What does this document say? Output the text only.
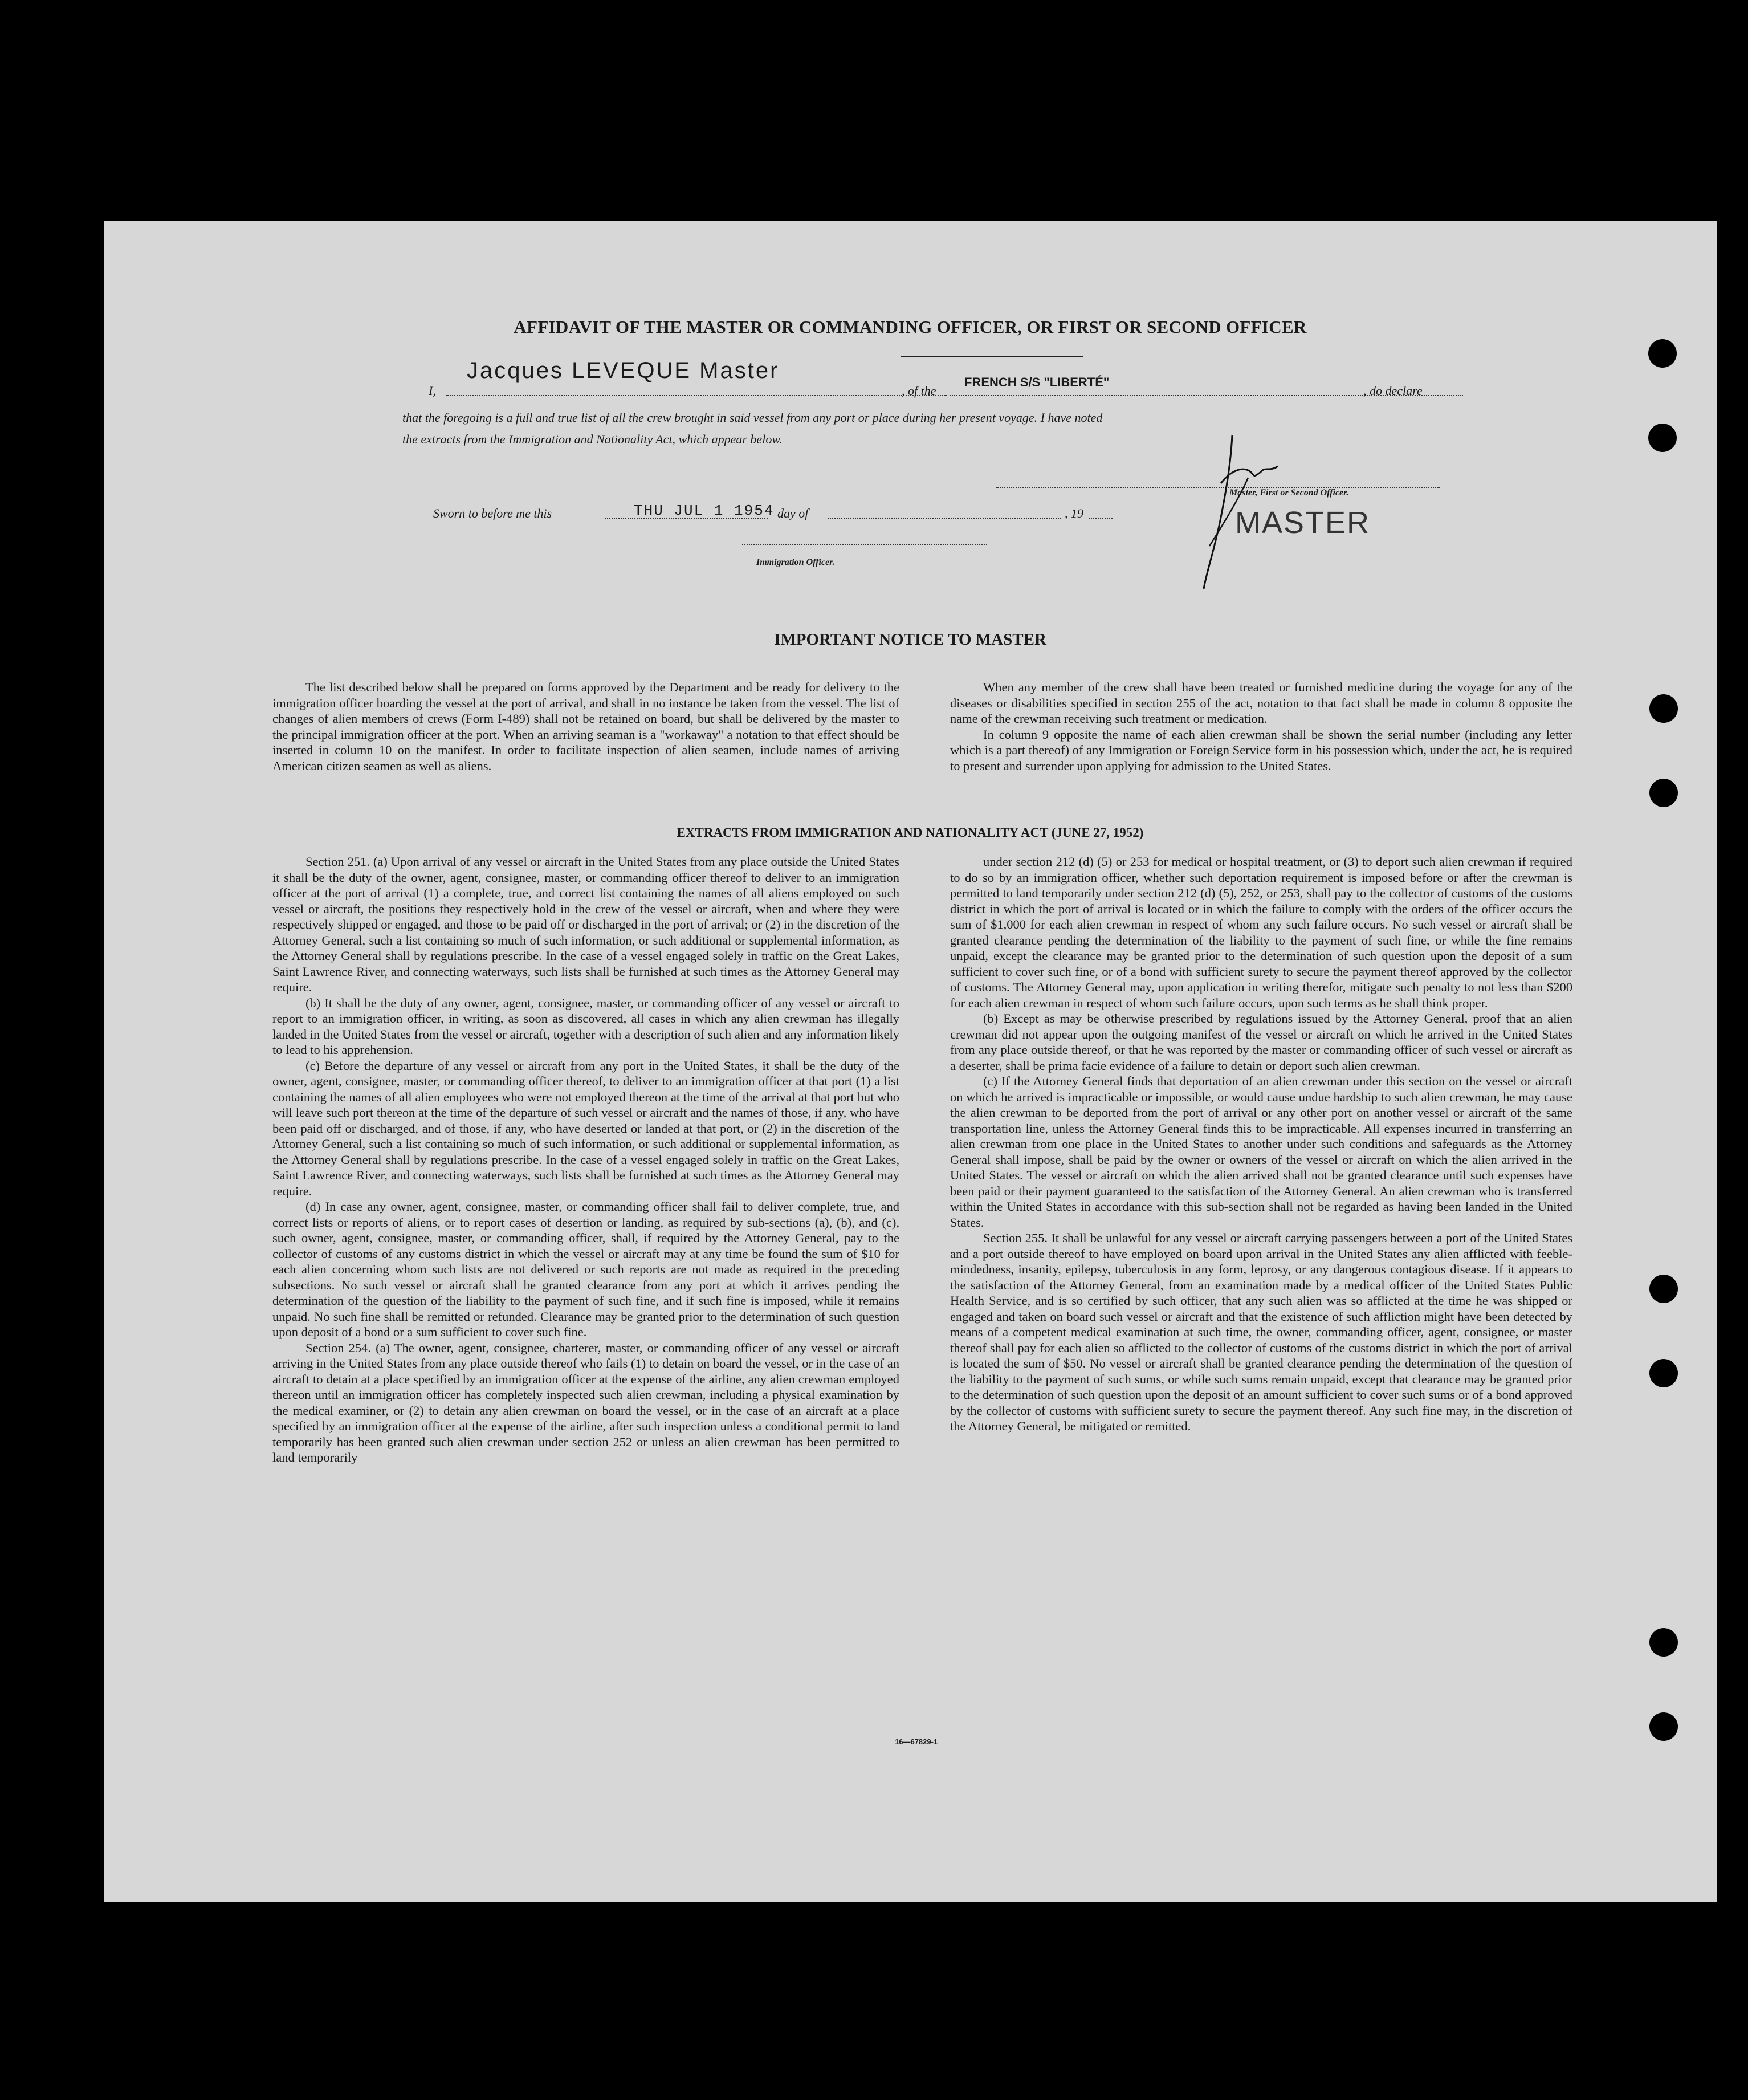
AFFIDAVIT OF THE MASTER OR COMMANDING OFFICER, OR FIRST OR SECOND OFFICER
I,
Jacques LEVEQUE Master
, of the
FRENCH S/S "LIBERTÉ"
, do declare
that the foregoing is a full and true list of all the crew brought in said vessel from any port or place during her present voyage. I have noted
the extracts from the Immigration and Nationality Act, which appear below.
Master, First or Second Officer.
MASTER
Sworn to before me this	THU JUL 1 1954 day of	, 19
Immigration Officer.
IMPORTANT NOTICE TO MASTER

The list described below shall be prepared on forms approved by the Department and be ready for delivery to the immigration officer boarding the vessel at the port of arrival, and shall in no instance be taken from the vessel. The list of changes of alien members of crews (Form I-489) shall not be retained on board, but shall be delivered by the master to the principal immigration officer at the port. When an arriving seaman is a "workaway" a notation to that effect should be inserted in column 10 on the manifest. In order to facilitate inspection of alien seamen, include names of arriving American citizen seamen as well as aliens.

When any member of the crew shall have been treated or furnished medicine during the voyage for any of the diseases or disabilities specified in section 255 of the act, notation to that fact shall be made in column 8 opposite the name of the crewman receiving such treatment or medication.

In column 9 opposite the name of each alien crewman shall be shown the serial number (including any letter which is a part thereof) of any Immigration or Foreign Service form in his possession which, under the act, he is required to present and surrender upon applying for admission to the United States.

EXTRACTS FROM IMMIGRATION AND NATIONALITY ACT (JUNE 27, 1952)

Section 251. (a) Upon arrival of any vessel or aircraft in the United States from any place outside the United States it shall be the duty of the owner, agent, consignee, master, or commanding officer thereof to deliver to an immigration officer at the port of arrival (1) a complete, true, and correct list containing the names of all aliens employed on such vessel or aircraft, the positions they respectively hold in the crew of the vessel or aircraft, when and where they were respectively shipped or engaged, and those to be paid off or discharged in the port of arrival; or (2) in the discretion of the Attorney General, such a list containing so much of such information, or such additional or supplemental information, as the Attorney General shall by regulations prescribe. In the case of a vessel engaged solely in traffic on the Great Lakes, Saint Lawrence River, and connecting waterways, such lists shall be furnished at such times as the Attorney General may require.

(b) It shall be the duty of any owner, agent, consignee, master, or commanding officer of any vessel or aircraft to report to an immigration officer, in writing, as soon as discovered, all cases in which any alien crewman has illegally landed in the United States from the vessel or aircraft, together with a description of such alien and any information likely to lead to his apprehension.

(c) Before the departure of any vessel or aircraft from any port in the United States, it shall be the duty of the owner, agent, consignee, master, or commanding officer thereof, to deliver to an immigration officer at that port (1) a list containing the names of all alien employees who were not employed thereon at the time of the arrival at that port but who will leave such port thereon at the time of the departure of such vessel or aircraft and the names of those, if any, who have been paid off or discharged, and of those, if any, who have deserted or landed at that port, or (2) in the discretion of the Attorney General, such a list containing so much of such information, or such additional or supplemental information, as the Attorney General shall by regulations prescribe. In the case of a vessel engaged solely in traffic on the Great Lakes, Saint Lawrence River, and connecting waterways, such lists shall be furnished at such times as the Attorney General may require.

(d) In case any owner, agent, consignee, master, or commanding officer shall fail to deliver complete, true, and correct lists or reports of aliens, or to report cases of desertion or landing, as required by sub-sections (a), (b), and (c), such owner, agent, consignee, master, or commanding officer, shall, if required by the Attorney General, pay to the collector of customs of any customs district in which the vessel or aircraft may at any time be found the sum of $10 for each alien concerning whom such lists are not delivered or such reports are not made as required in the preceding subsections. No such vessel or aircraft shall be granted clearance from any port at which it arrives pending the determination of the question of the liability to the payment of such fine, and if such fine is imposed, while it remains unpaid. No such fine shall be remitted or refunded. Clearance may be granted prior to the determination of such question upon deposit of a bond or a sum sufficient to cover such fine.

Section 254. (a) The owner, agent, consignee, charterer, master, or commanding officer of any vessel or aircraft arriving in the United States from any place outside thereof who fails (1) to detain on board the vessel, or in the case of an aircraft to detain at a place specified by an immigration officer at the expense of the airline, any alien crewman employed thereon until an immigration officer has completely inspected such alien crewman, including a physical examination by the medical examiner, or (2) to detain any alien crewman on board the vessel, or in the case of an aircraft at a place specified by an immigration officer at the expense of the airline, after such inspection unless a conditional permit to land temporarily has been granted such alien crewman under section 252 or unless an alien crewman has been permitted to land temporarily

under section 212 (d) (5) or 253 for medical or hospital treatment, or (3) to deport such alien crewman if required to do so by an immigration officer, whether such deportation requirement is imposed before or after the crewman is permitted to land temporarily under section 212 (d) (5), 252, or 253, shall pay to the collector of customs of the customs district in which the port of arrival is located or in which the failure to comply with the orders of the officer occurs the sum of $1,000 for each alien crewman in respect of whom any such failure occurs. No such vessel or aircraft shall be granted clearance pending the determination of the liability to the payment of such fine, or while the fine remains unpaid, except the clearance may be granted prior to the determination of such question upon the deposit of a sum sufficient to cover such fine, or of a bond with sufficient surety to secure the payment thereof approved by the collector of customs. The Attorney General may, upon application in writing therefor, mitigate such penalty to not less than $200 for each alien crewman in respect of whom such failure occurs, upon such terms as he shall think proper.

(b) Except as may be otherwise prescribed by regulations issued by the Attorney General, proof that an alien crewman did not appear upon the outgoing manifest of the vessel or aircraft on which he arrived in the United States from any place outside thereof, or that he was reported by the master or commanding officer of such vessel or aircraft as a deserter, shall be prima facie evidence of a failure to detain or deport such alien crewman.

(c) If the Attorney General finds that deportation of an alien crewman under this section on the vessel or aircraft on which he arrived is impracticable or impossible, or would cause undue hardship to such alien crewman, he may cause the alien crewman to be deported from the port of arrival or any other port on another vessel or aircraft of the same transportation line, unless the Attorney General finds this to be impracticable. All expenses incurred in transferring an alien crewman from one place in the United States to another under such conditions and safeguards as the Attorney General shall impose, shall be paid by the owner or owners of the vessel or aircraft on which the alien arrived in the United States. The vessel or aircraft on which the alien arrived shall not be granted clearance until such expenses have been paid or their payment guaranteed to the satisfaction of the Attorney General. An alien crewman who is transferred within the United States in accordance with this sub-section shall not be regarded as having been landed in the United States.

Section 255. It shall be unlawful for any vessel or aircraft carrying passengers between a port of the United States and a port outside thereof to have employed on board upon arrival in the United States any alien afflicted with feeble-mindedness, insanity, epilepsy, tuberculosis in any form, leprosy, or any dangerous contagious disease. If it appears to the satisfaction of the Attorney General, from an examination made by a medical officer of the United States Public Health Service, and is so certified by such officer, that any such alien was so afflicted at the time he was shipped or engaged and taken on board such vessel or aircraft and that the existence of such affliction might have been detected by means of a competent medical examination at such time, the owner, commanding officer, agent, consignee, or master thereof shall pay for each alien so afflicted to the collector of customs of the customs district in which the port of arrival is located the sum of $50. No vessel or aircraft shall be granted clearance pending the determination of the question of the liability to the payment of such sums, or while such sums remain unpaid, except that clearance may be granted prior to the determination of such question upon the deposit of an amount sufficient to cover such sums or of a bond approved by the collector of customs with sufficient surety to secure the payment thereof. Any such fine may, in the discretion of the Attorney General, be mitigated or remitted.

16—67829-1
